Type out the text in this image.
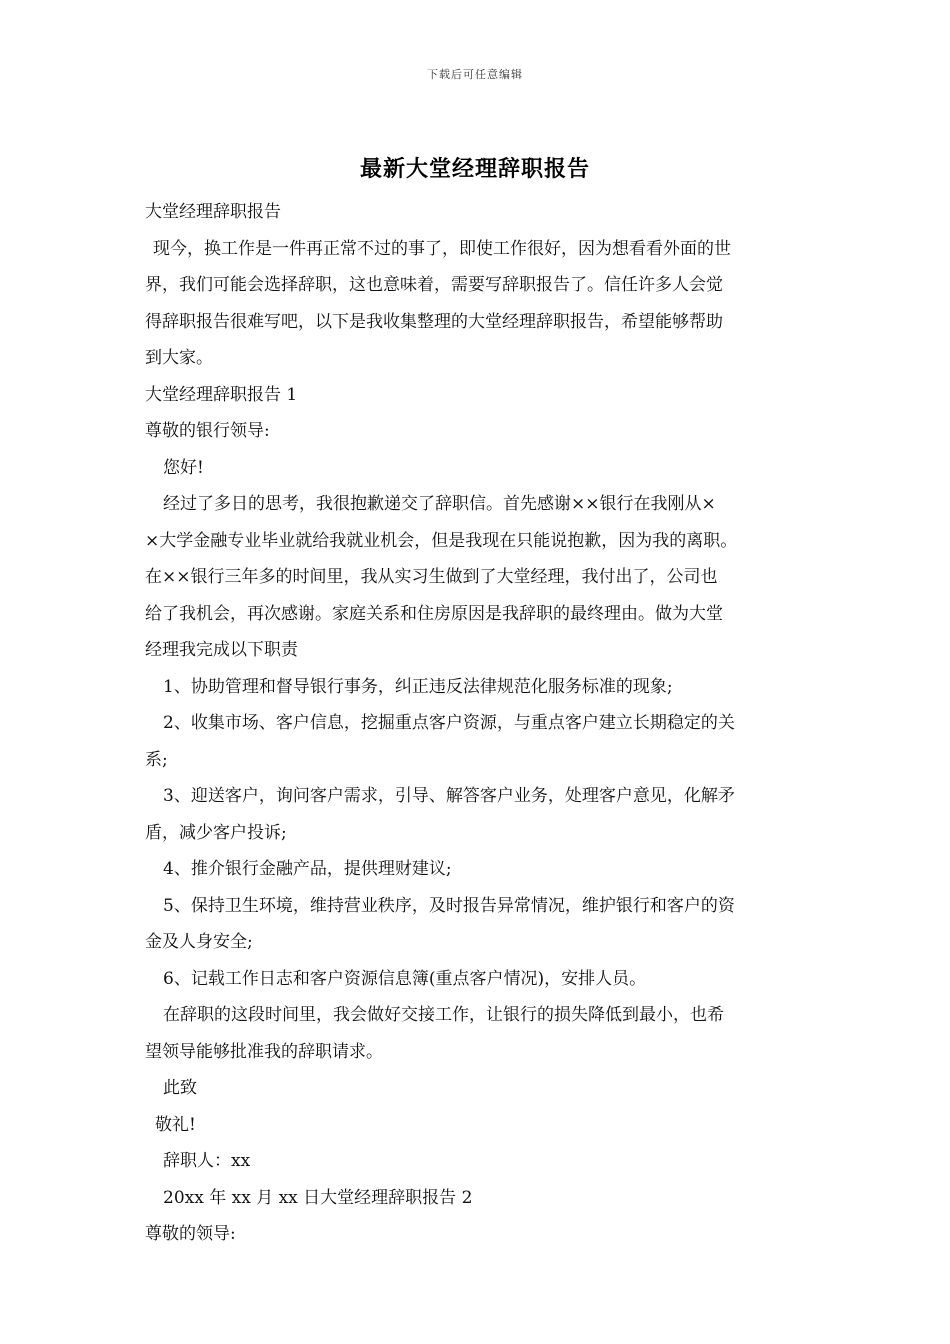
下载后可任意编辑
最新大堂经理辞职报告
大堂经理辞职报告
现今，换工作是一件再正常不过的事了，即使工作很好，因为想看看外面的世
界，我们可能会选择辞职，这也意味着，需要写辞职报告了。信任许多人会觉
得辞职报告很难写吧，以下是我收集整理的大堂经理辞职报告，希望能够帮助
到大家。
大堂经理辞职报告 1
尊敬的银行领导:
您好!
经过了多日的思考，我很抱歉递交了辞职信。首先感谢××银行在我刚从×
×大学金融专业毕业就给我就业机会，但是我现在只能说抱歉，因为我的离职。
在××银行三年多的时间里，我从实习生做到了大堂经理，我付出了，公司也
给了我机会，再次感谢。家庭关系和住房原因是我辞职的最终理由。做为大堂
经理我完成以下职责
1、协助管理和督导银行事务，纠正违反法律规范化服务标准的现象;
2、收集市场、客户信息，挖掘重点客户资源，与重点客户建立长期稳定的关
系;
3、迎送客户，询问客户需求，引导、解答客户业务，处理客户意见，化解矛
盾，减少客户投诉;
4、推介银行金融产品，提供理财建议;
5、保持卫生环境，维持营业秩序，及时报告异常情况，维护银行和客户的资
金及人身安全;
6、记载工作日志和客户资源信息簿(重点客户情况)，安排人员。
在辞职的这段时间里，我会做好交接工作，让银行的损失降低到最小，也希
望领导能够批准我的辞职请求。
此致
敬礼!
辞职人：xx
20xx 年 xx 月 xx 日大堂经理辞职报告 2
尊敬的领导:
